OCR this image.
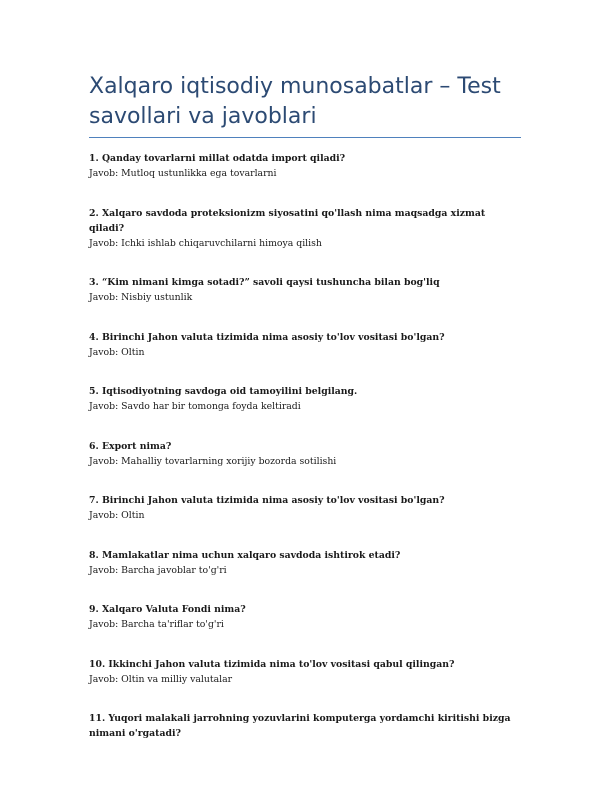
Xalqaro iqtisodiy munosabatlar – Test savollari va javoblari
1. Qanday tovarlarni millat odatda import qiladi?
Javob: Mutloq ustunlikka ega tovarlarni
2. Xalqaro savdoda proteksionizm siyosatini qo'llash nima maqsadga xizmat qiladi?
Javob: Ichki ishlab chiqaruvchilarni himoya qilish
3. “Kim nimani kimga sotadi?” savoli qaysi tushuncha bilan bog'liq
Javob: Nisbiy ustunlik
4. Birinchi Jahon valuta tizimida nima asosiy to'lov vositasi bo'lgan?
Javob: Oltin
5. Iqtisodiyotning savdoga oid tamoyilini belgilang.
Javob: Savdo har bir tomonga foyda keltiradi
6. Export nima?
Javob: Mahalliy tovarlarning xorijiy bozorda sotilishi
7. Birinchi Jahon valuta tizimida nima asosiy to'lov vositasi bo'lgan?
Javob: Oltin
8. Mamlakatlar nima uchun xalqaro savdoda ishtirok etadi?
Javob: Barcha javoblar to'g'ri
9. Xalqaro Valuta Fondi nima?
Javob: Barcha ta'riflar to'g'ri
10. Ikkinchi Jahon valuta tizimida nima to'lov vositasi qabul qilingan?
Javob: Oltin va milliy valutalar
11. Yuqori malakali jarrohning yozuvlarini komputerga yordamchi kiritishi bizga nimani o'rgatadi?
